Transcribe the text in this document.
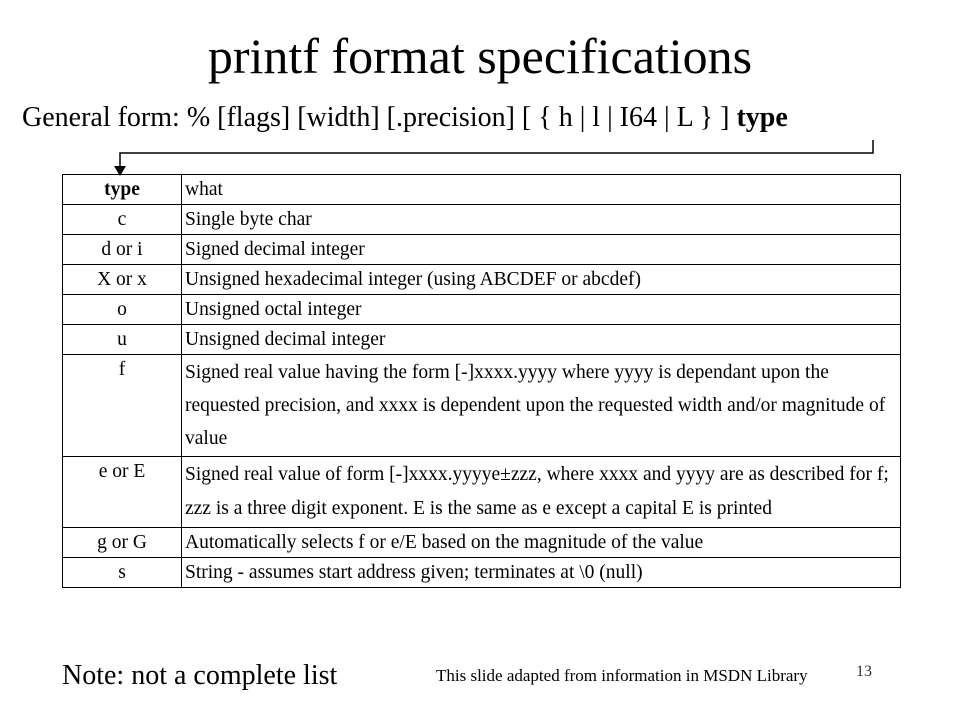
printf format specifications
General form: % [flags] [width] [.precision] [ { h | l | I64 | L } ] type
type	what
c	Single byte char
d or i	Signed decimal integer
X or x	Unsigned hexadecimal integer (using ABCDEF or abcdef)
o	Unsigned octal integer
u	Unsigned decimal integer
f	Signed real value having the form [-]xxxx.yyyy where yyyy is dependant upon the requested precision, and xxxx is dependent upon the requested width and/or magnitude of value
e or E	Signed real value of form [-]xxxx.yyyye±zzz, where xxxx and yyyy are as described for f; zzz is a three digit exponent. E is the same as e except a capital E is printed
g or G	Automatically selects f or e/E based on the magnitude of the value
s	String - assumes start address given; terminates at \0 (null)
Note: not a complete list	13
This slide adapted from information in MSDN Library
